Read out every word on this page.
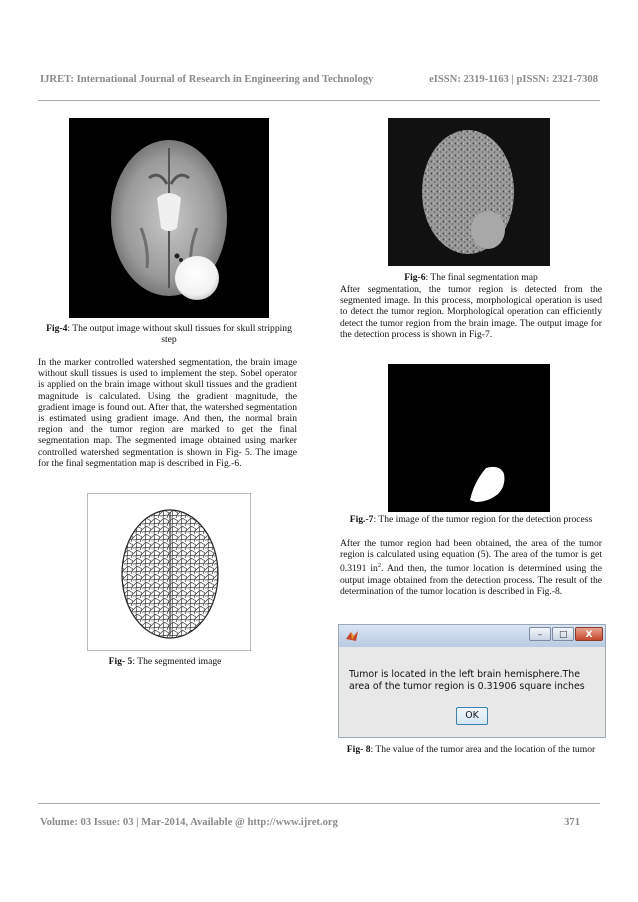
IJRET: International Journal of Research in Engineering and Technology	eISSN: 2319-1163 | pISSN: 2321-7308
Fig-4: The output image without skull tissues for skull stripping step
In the marker controlled watershed segmentation, the brain image without skull tissues is used to implement the step. Sobel operator is applied on the brain image without skull tissues and the gradient magnitude is calculated. Using the gradient magnitude, the gradient image is found out. After that, the watershed segmentation is estimated using gradient image. And then, the normal brain region and the tumor region are marked to get the final segmentation map. The segmented image obtained using marker controlled watershed segmentation is shown in Fig- 5. The image for the final segmentation map is described in Fig.-6.
Fig- 5: The segmented image
Fig-6: The final segmentation map
After segmentation, the tumor region is detected from the segmented image. In this process, morphological operation is used to detect the tumor region. Morphological operation can efficiently detect the tumor region from the brain image. The output image for the detection process is shown in Fig-7.
Fig.-7: The image of the tumor region for the detection process
After the tumor region had been obtained, the area of the tumor region is calculated using equation (5). The area of the tumor is get 0.3191 $in^2$. And then, the tumor location is determined using the output image obtained from the detection process. The result of the determination of the tumor location is described in Fig.-8.
–	□	X
Tumor is located in the left brain hemisphere.The area of the tumor region is 0.31906 square inches
OK
Fig- 8: The value of the tumor area and the location of the tumor
Volume: 03 Issue: 03 | Mar-2014, Available @ http://www.ijret.org	371
